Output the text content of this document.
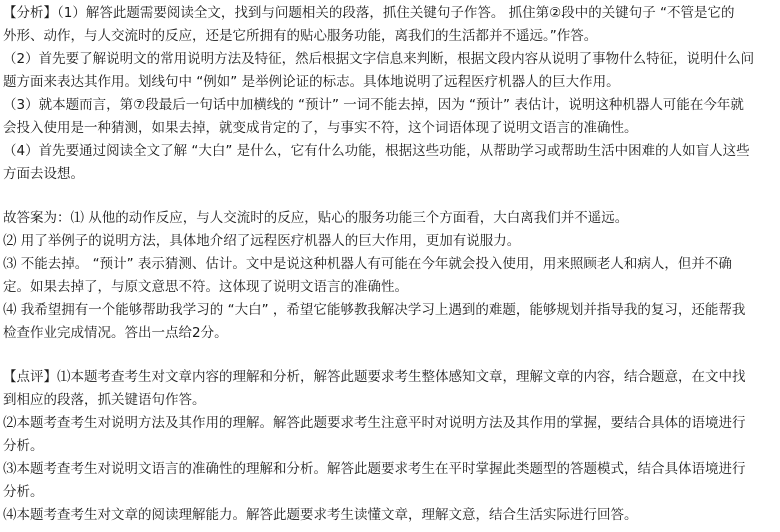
【分析】（1）解答此题需要阅读全文，找到与问题相关的段落，抓住关键句子作答。 抓住第②段中的关键句子 “不管是它的
外形、动作，与人交流时的反应，还是它所拥有的贴心服务功能，离我们的生活都并不遥远。”作答。
（2）首先要了解说明文的常用说明方法及特征，然后根据文字信息来判断，根据文段内容从说明了事物什么特征，说明什么问
题方面来表达其作用。划线句中 “例如” 是举例论证的标志。具体地说明了远程医疗机器人的巨大作用。
（3）就本题而言，第⑦段最后一句话中加横线的 “预计” 一词不能去掉，因为 “预计” 表估计，说明这种机器人可能在今年就
会投入使用是一种猜测，如果去掉，就变成肯定的了，与事实不符，这个词语体现了说明文语言的准确性。
（4）首先要通过阅读全文了解 “大白” 是什么，它有什么功能，根据这些功能，从帮助学习或帮助生活中困难的人如盲人这些
方面去设想。
故答案为：⑴ 从他的动作反应，与人交流时的反应，贴心的服务功能三个方面看，大白离我们并不遥远。
⑵ 用了举例子的说明方法，具体地介绍了远程医疗机器人的巨大作用，更加有说服力。
⑶ 不能去掉。 “预计” 表示猜测、估计。文中是说这种机器人有可能在今年就会投入使用，用来照顾老人和病人，但并不确
定。如果去掉了，与原文意思不符。这体现了说明文语言的准确性。
⑷ 我希望拥有一个能够帮助我学习的 “大白” ，希望它能够教我解决学习上遇到的难题，能够规划并指导我的复习，还能帮我
检查作业完成情况。答出一点给2分。
【点评】⑴本题考查考生对文章内容的理解和分析，解答此题要求考生整体感知文章，理解文章的内容，结合题意，在文中找
到相应的段落，抓关键语句作答。
⑵本题考查考生对说明方法及其作用的理解。解答此题要求考生注意平时对说明方法及其作用的掌握，要结合具体的语境进行
分析。
⑶本题考查考生对说明文语言的准确性的理解和分析。解答此题要求考生在平时掌握此类题型的答题模式，结合具体语境进行
分析。
⑷本题考查考生对文章的阅读理解能力。解答此题要求考生读懂文章，理解文意，结合生活实际进行回答。
